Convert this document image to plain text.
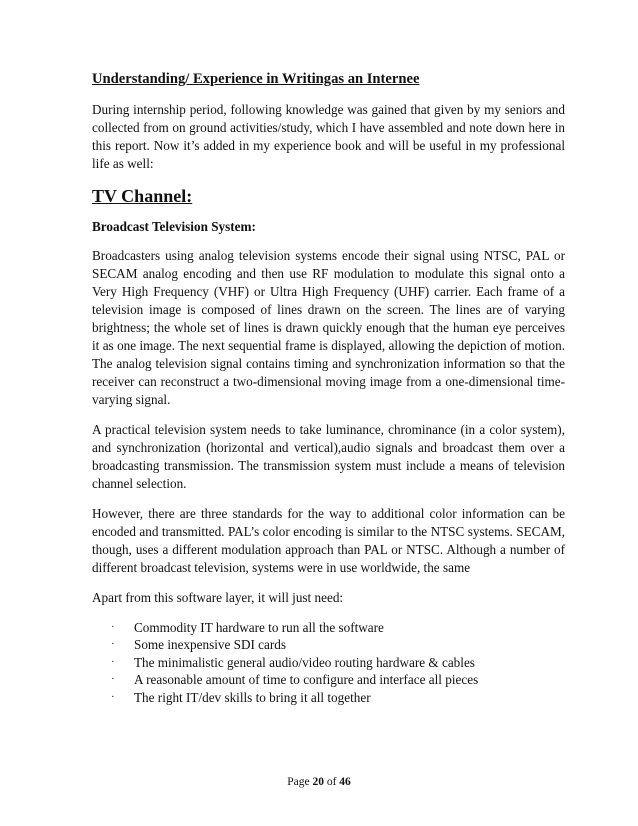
Understanding/ Experience in Writingas an Internee

During internship period, following knowledge was gained that given by my seniors and collected from on ground activities/study, which I have assembled and note down here in this report. Now it’s added in my experience book and will be useful in my professional life as well:

TV Channel:
Broadcast Television System:

Broadcasters using analog television systems encode their signal using NTSC, PAL or SECAM analog encoding and then use RF modulation to modulate this signal onto a Very High Frequency (VHF) or Ultra High Frequency (UHF) carrier. Each frame of a television image is composed of lines drawn on the screen. The lines are of varying brightness; the whole set of lines is drawn quickly enough that the human eye perceives it as one image. The next sequential frame is displayed, allowing the depiction of motion. The analog television signal contains timing and synchronization information so that the receiver can reconstruct a two-dimensional moving image from a one-dimensional time-varying signal.

A practical television system needs to take luminance, chrominance (in a color system), and synchronization (horizontal and vertical),audio signals and broadcast them over a broadcasting transmission. The transmission system must include a means of television channel selection.

However, there are three standards for the way to additional color information can be encoded and transmitted. PAL’s color encoding is similar to the NTSC systems. SECAM, though, uses a different modulation approach than PAL or NTSC. Although a number of different broadcast television, systems were in use worldwide, the same

Apart from this software layer, it will just need:

·	Commodity IT hardware to run all the software
·	Some inexpensive SDI cards
·	The minimalistic general audio/video routing hardware & cables
·	A reasonable amount of time to configure and interface all pieces
·	The right IT/dev skills to bring it all together
Page 20 of 46
